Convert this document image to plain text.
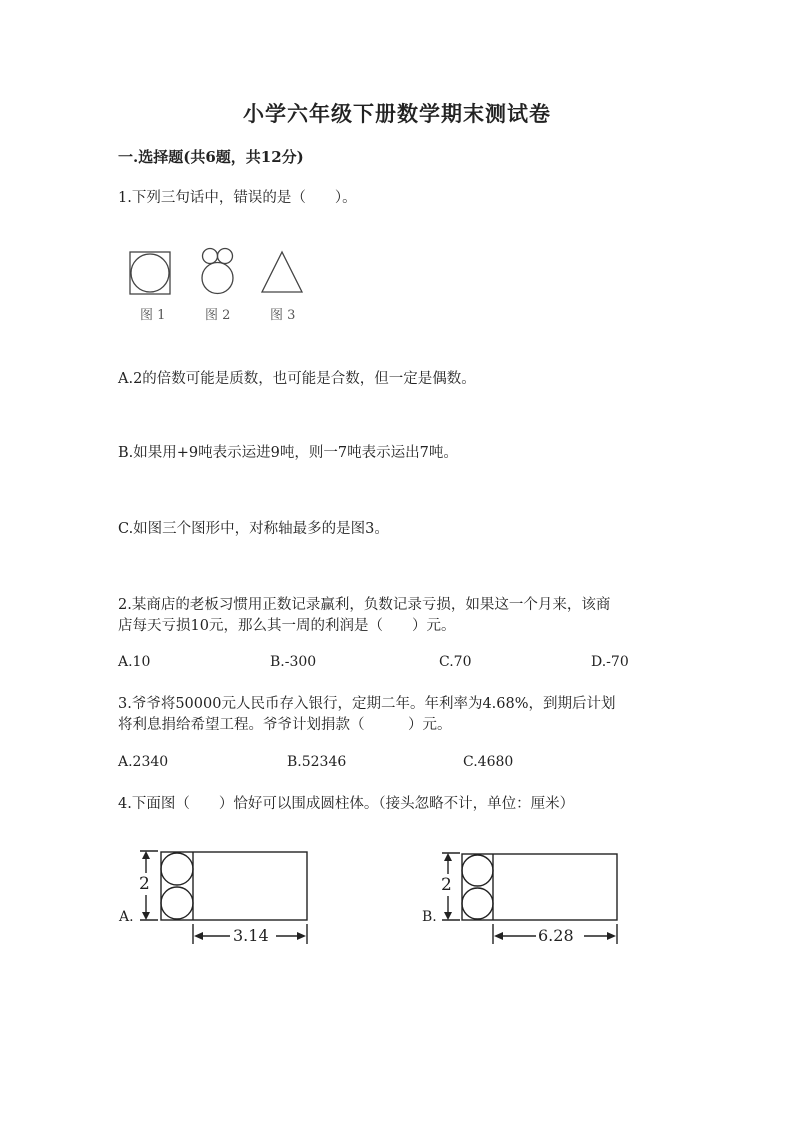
小学六年级下册数学期末测试卷
一.选择题(共6题，共12分)
1.下列三句话中，错误的是（　　）。
图 1	图 2	图 3
A.2的倍数可能是质数，也可能是合数，但一定是偶数。
B.如果用+9吨表示运进9吨，则一7吨表示运出7吨。
C.如图三个图形中，对称轴最多的是图3。
2.某商店的老板习惯用正数记录赢利，负数记录亏损，如果这一个月来，该商
店每天亏损10元，那么其一周的利润是（　　）元。
A.10	B.-300	C.70	D.-70
3.爷爷将50000元人民币存入银行，定期二年。年利率为4.68%，到期后计划
将利息捐给希望工程。爷爷计划捐款（　　　）元。
A.2340	B.52346	C.4680
4.下面图（　　）恰好可以围成圆柱体。（接头忽略不计，单位：厘米）
A.
2
3.14
B.
2
6.28
